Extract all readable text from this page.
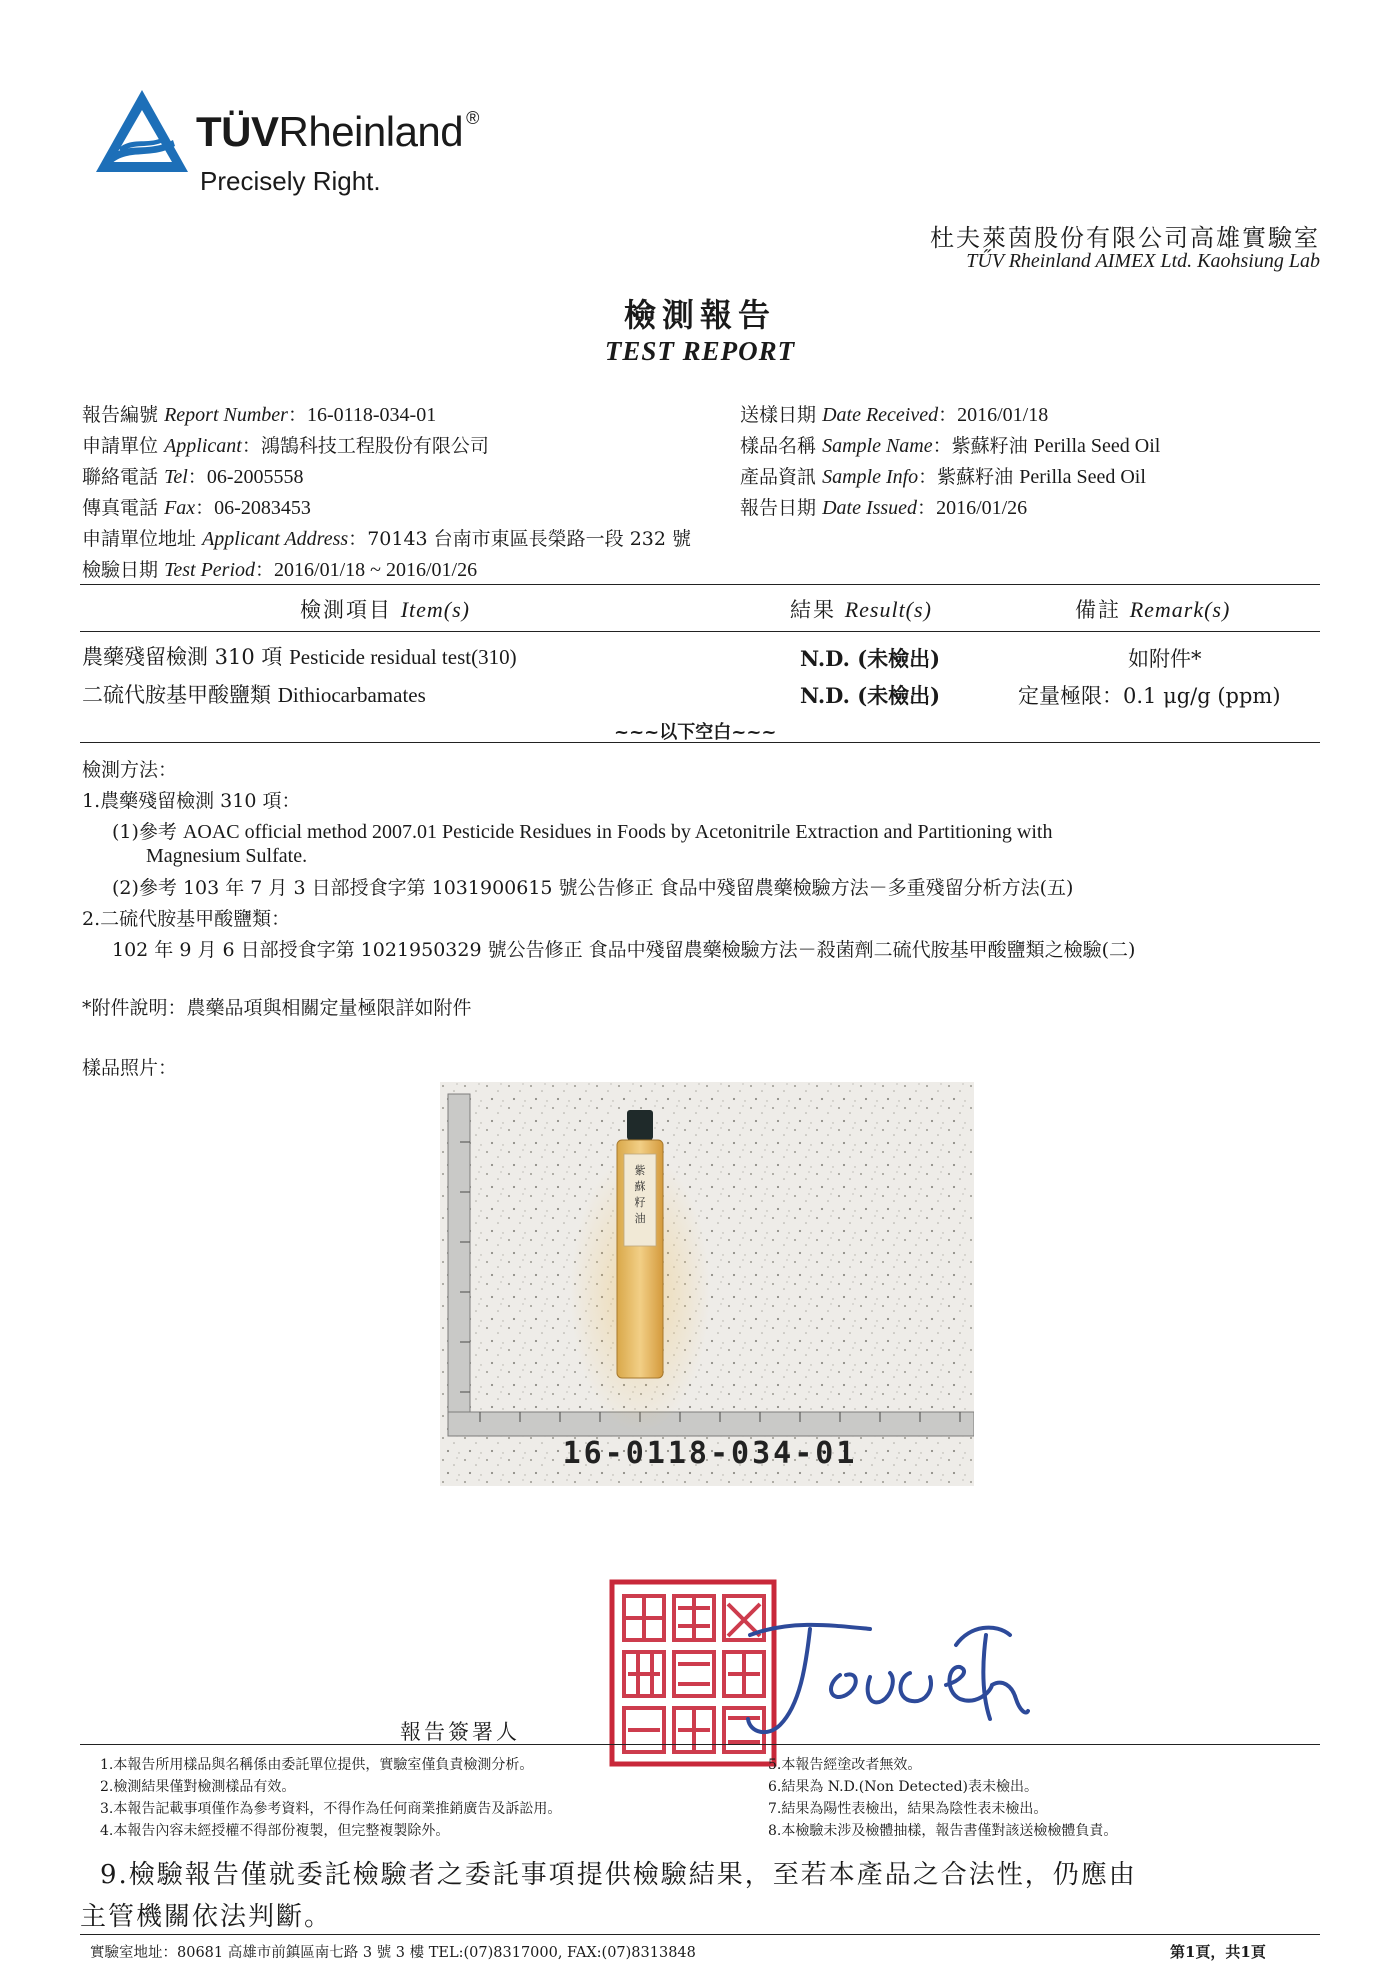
TÜVRheinland ®
Precisely Right.
杜夫萊茵股份有限公司高雄實驗室
TŰV Rheinland AIMEX Ltd. Kaohsiung Lab
檢測報告
TEST REPORT
報告編號 Report Number：16-0118-034-01
申請單位 Applicant：鴻鵠科技工程股份有限公司
聯絡電話 Tel：06-2005558
傳真電話 Fax：06-2083453
申請單位地址 Applicant Address：70143 台南市東區長榮路一段 232 號
檢驗日期 Test Period：2016/01/18 ~ 2016/01/26
送樣日期 Date Received：2016/01/18
樣品名稱 Sample Name：紫蘇籽油 Perilla Seed Oil
產品資訊 Sample Info：紫蘇籽油 Perilla Seed Oil
報告日期 Date Issued：2016/01/26
檢測項目 Item(s)	結果 Result(s)	備註 Remark(s)
農藥殘留檢測 310 項 Pesticide residual test(310)	N.D. (未檢出)	如附件*
二硫代胺基甲酸鹽類 Dithiocarbamates	N.D. (未檢出)	定量極限：0.1 μg/g (ppm)
~~~以下空白~~~
檢測方法：
1.農藥殘留檢測 310 項：
(1)參考 AOAC official method 2007.01 Pesticide Residues in Foods by Acetonitrile Extraction and Partitioning with
Magnesium Sulfate.
(2)參考 103 年 7 月 3 日部授食字第 1031900615 號公告修正 食品中殘留農藥檢驗方法－多重殘留分析方法(五)
2.二硫代胺基甲酸鹽類：
102 年 9 月 6 日部授食字第 1021950329 號公告修正 食品中殘留農藥檢驗方法－殺菌劑二硫代胺基甲酸鹽類之檢驗(二)
*附件說明：農藥品項與相關定量極限詳如附件
樣品照片：
紫
蘇
籽
油
16-0118-034-01
報告簽署人
1.本報告所用樣品與名稱係由委託單位提供，實驗室僅負責檢測分析。
2.檢測結果僅對檢測樣品有效。
3.本報告記載事項僅作為參考資料，不得作為任何商業推銷廣告及訴訟用。
4.本報告內容未經授權不得部份複製，但完整複製除外。
5.本報告經塗改者無效。
6.結果為 N.D.(Non Detected)表未檢出。
7.結果為陽性表檢出，結果為陰性表未檢出。
8.本檢驗未涉及檢體抽樣，報告書僅對該送檢檢體負責。
9.檢驗報告僅就委託檢驗者之委託事項提供檢驗結果，至若本產品之合法性，仍應由
主管機關依法判斷。
實驗室地址：80681 高雄市前鎮區南七路 3 號 3 樓 TEL:(07)8317000, FAX:(07)8313848	第1頁，共1頁
